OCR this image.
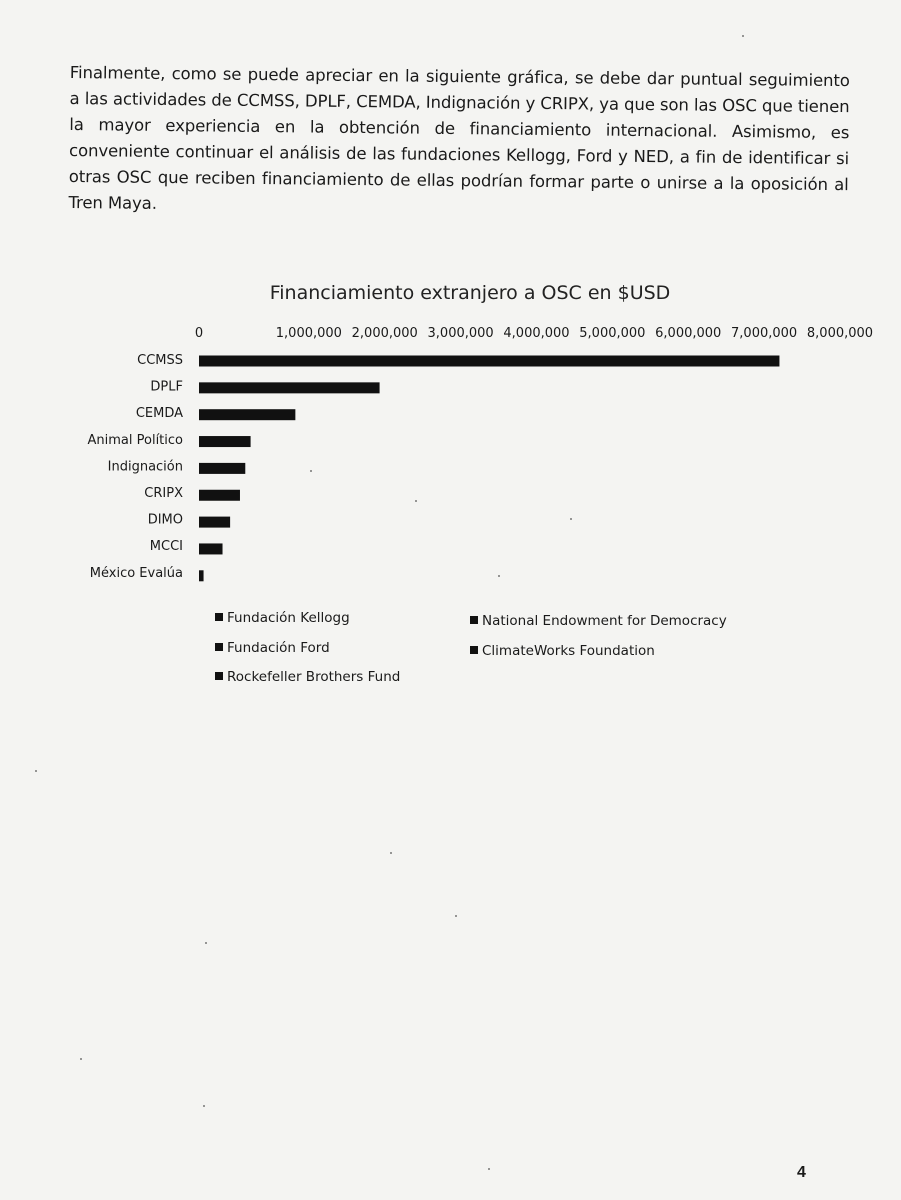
Finalmente, como se puede apreciar en la siguiente gráfica, se debe dar puntual seguimiento a las actividades de CCMSS, DPLF, CEMDA, Indignación y CRIPX, ya que son las OSC que tienen la mayor experiencia en la obtención de financiamiento internacional. Asimismo, es conveniente continuar el análisis de las fundaciones Kellogg, Ford y NED, a fin de identificar si otras OSC que reciben financiamiento de ellas podrían formar parte o unirse a la oposición al Tren Maya.
Financiamiento extranjero a OSC en $USD
0	1,000,000 2,000,000 3,000,000 4,000,000 5,000,000 6,000,000 7,000,000 8,000,000
CCMSS
DPLF
CEMDA
Animal Político
Indignación
CRIPX
DIMO
MCCI
México Evalúa
Fundación Kellogg	National Endowment for Democracy
Fundación Ford	ClimateWorks Foundation
Rockefeller Brothers Fund
4
